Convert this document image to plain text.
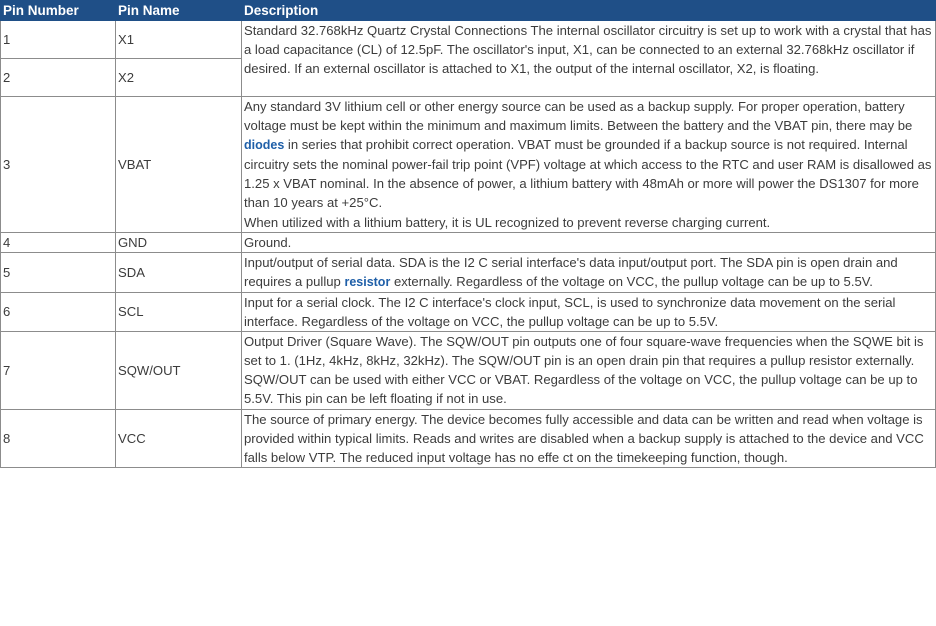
Pin Number	Pin Name	Description
1	X1	Standard 32.768kHz Quartz Crystal Connections The internal oscillator circuitry is set up to work with a crystal that has a load capacitance (CL) of 12.5pF. The oscillator's input, X1, can be connected to an external 32.768kHz oscillator if desired. If an external oscillator is attached to X1, the output of the internal oscillator, X2, is floating.
2	X2	
3	VBAT	Any standard 3V lithium cell or other energy source can be used as a backup supply. For proper operation, battery voltage must be kept within the minimum and maximum limits. Between the battery and the VBAT pin, there may be diodes in series that prohibit correct operation. VBAT must be grounded if a backup source is not required. Internal circuitry sets the nominal power-fail trip point (VPF) voltage at which access to the RTC and user RAM is disallowed as 1.25 x VBAT nominal. In the absence of power, a lithium battery with 48mAh or more will power the DS1307 for more than 10 years at +25°C.
When utilized with a lithium battery, it is UL recognized to prevent reverse charging current.
4	GND	Ground.
5	SDA	Input/output of serial data. SDA is the I2 C serial interface's data input/output port. The SDA pin is open drain and requires a pullup resistor externally. Regardless of the voltage on VCC, the pullup voltage can be up to 5.5V.
6	SCL	Input for a serial clock. The I2 C interface's clock input, SCL, is used to synchronize data movement on the serial interface. Regardless of the voltage on VCC, the pullup voltage can be up to 5.5V.
7	SQW/OUT	Output Driver (Square Wave). The SQW/OUT pin outputs one of four square-wave frequencies when the SQWE bit is set to 1. (1Hz, 4kHz, 8kHz, 32kHz). The SQW/OUT pin is an open drain pin that requires a pullup resistor externally. SQW/OUT can be used with either VCC or VBAT. Regardless of the voltage on VCC, the pullup voltage can be up to 5.5V. This pin can be left floating if not in use.
8	VCC	The source of primary energy. The device becomes fully accessible and data can be written and read when voltage is provided within typical limits. Reads and writes are disabled when a backup supply is attached to the device and VCC falls below VTP. The reduced input voltage has no effe ct on the timekeeping function, though.
